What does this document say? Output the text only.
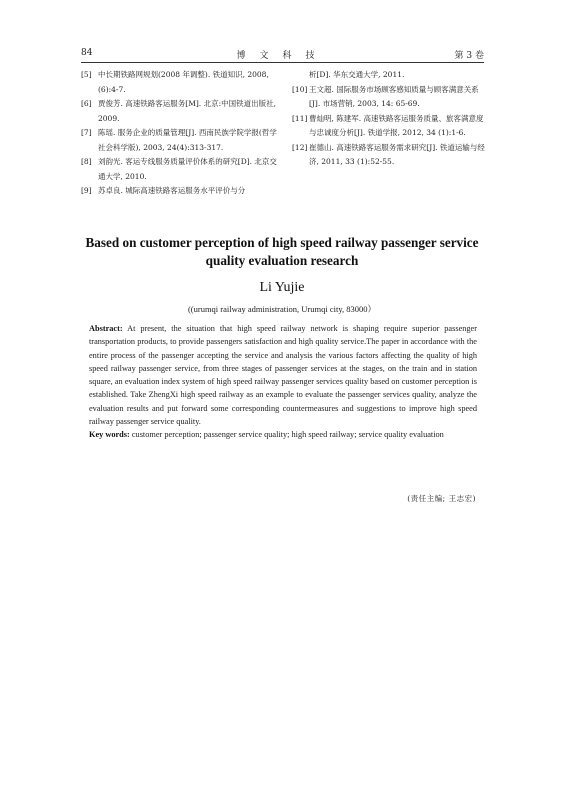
84	博文科技	第 3 卷

[5] 中长期铁路网规划(2008 年调整). 铁道知识, 2008, (6):4-7.

[6] 贾俊芳. 高速铁路客运服务[M]. 北京:中国铁道出版社, 2009.

[7] 陈瑶. 服务企业的质量管理[J]. 西南民族学院学报(哲学社会科学版), 2003, 24(4):313-317.

[8] 刘韵光. 客运专线服务质量评价体系的研究[D]. 北京交通大学, 2010.

[9] 苏卓良. 城际高速铁路客运服务水平评价与分

析[D]. 华东交通大学, 2011.

[10] 王文超. 国际服务市场顾客感知质量与顾客满意关系[J]. 市场营销, 2003, 14: 65-69.

[11] 曹灿明, 陈建军. 高速铁路客运服务质量、旅客满意度与忠诚度分析[J]. 铁道学报, 2012, 34 (1):1-6.

[12] 崔德山. 高速铁路客运服务需求研究[J]. 铁道运输与经济, 2011, 33 (1):52-55.

Based on customer perception of high speed railway passenger service quality evaluation research
Li Yujie
((urumqi railway administration, Urumqi city, 83000）

Abstract: At present, the situation that high speed railway network is shaping require superior passenger transportation products, to provide passengers satisfaction and high quality service.The paper in accordance with the entire process of the passenger accepting the service and analysis the various factors affecting the quality of high speed railway passenger service, from three stages of passenger services at the stages, on the train and in station square, an evaluation index system of high speed railway passenger services quality based on customer perception is established. Take ZhengXi high speed railway as an example to evaluate the passenger services quality, analyze the evaluation results and put forward some corresponding countermeasures and suggestions to improve high speed railway passenger service quality.

Key words: customer perception; passenger service quality; high speed railway; service quality evaluation

(责任主编; 王志宏)
